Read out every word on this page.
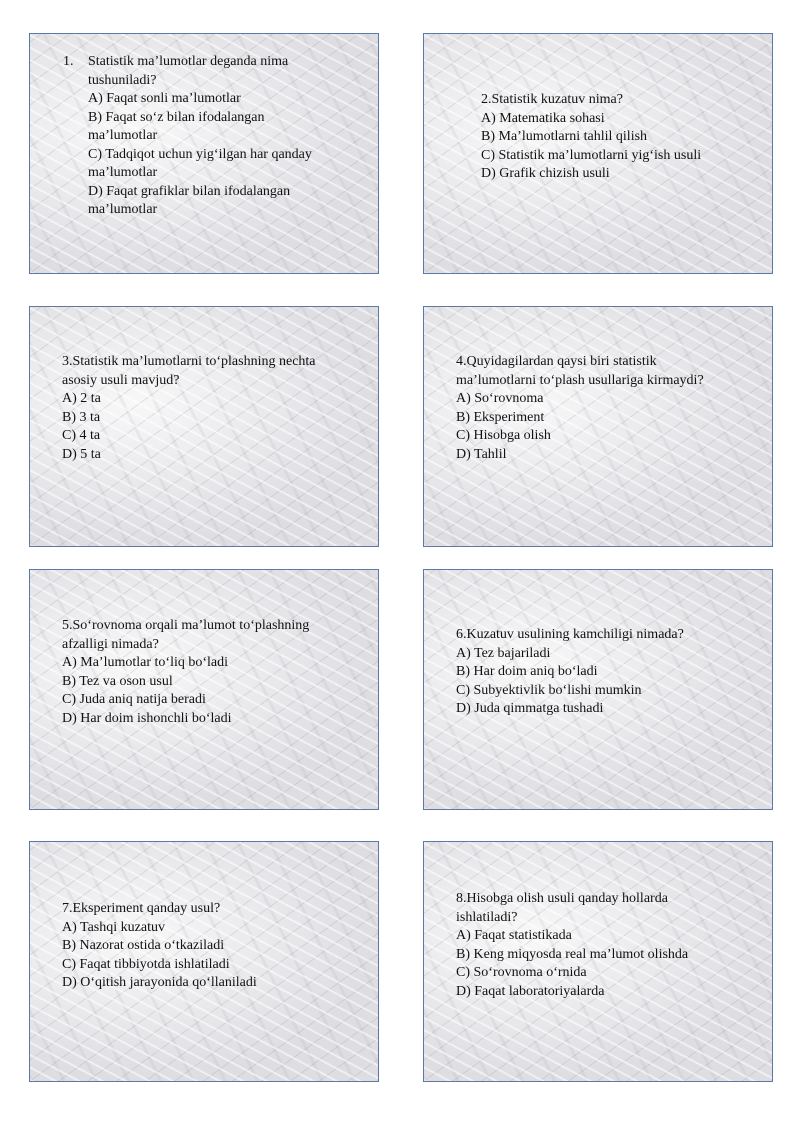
1. Statistik ma’lumotlar deganda nima
tushuniladi?
A) Faqat sonli ma’lumotlar
B) Faqat so‘z bilan ifodalangan
ma’lumotlar
C) Tadqiqot uchun yig‘ilgan har qanday
ma’lumotlar
D) Faqat grafiklar bilan ifodalangan
ma’lumotlar
2.Statistik kuzatuv nima?
A) Matematika sohasi
B) Ma’lumotlarni tahlil qilish
C) Statistik ma’lumotlarni yig‘ish usuli
D) Grafik chizish usuli
3.Statistik ma’lumotlarni to‘plashning nechta
asosiy usuli mavjud?
A) 2 ta
B) 3 ta
C) 4 ta
D) 5 ta
4.Quyidagilardan qaysi biri statistik
ma’lumotlarni to‘plash usullariga kirmaydi?
A) So‘rovnoma
B) Eksperiment
C) Hisobga olish
D) Tahlil
5.So‘rovnoma orqali ma’lumot to‘plashning
afzalligi nimada?
A) Ma’lumotlar to‘liq bo‘ladi
B) Tez va oson usul
C) Juda aniq natija beradi
D) Har doim ishonchli bo‘ladi
6.Kuzatuv usulining kamchiligi nimada?
A) Tez bajariladi
B) Har doim aniq bo‘ladi
C) Subyektivlik bo‘lishi mumkin
D) Juda qimmatga tushadi
7.Eksperiment qanday usul?
A) Tashqi kuzatuv
B) Nazorat ostida o‘tkaziladi
C) Faqat tibbiyotda ishlatiladi
D) O‘qitish jarayonida qo‘llaniladi
8.Hisobga olish usuli qanday hollarda
ishlatiladi?
A) Faqat statistikada
B) Keng miqyosda real ma’lumot olishda
C) So‘rovnoma o‘rnida
D) Faqat laboratoriyalarda
